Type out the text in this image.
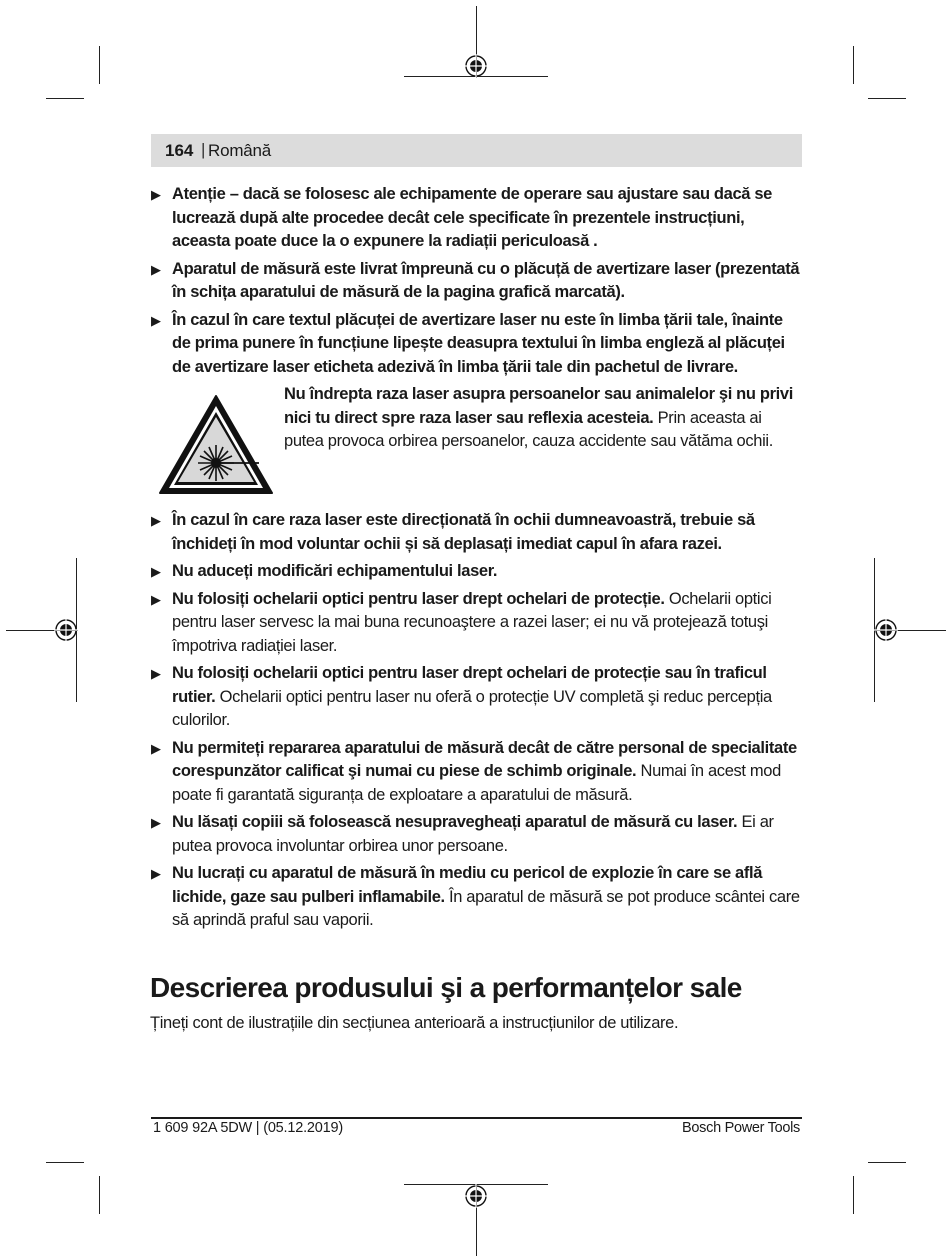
164 | Română
▶ Atenție – dacă se folosesc ale echipamente de operare sau ajustare sau dacă se lucrează după alte procedee decât cele specificate în prezentele instrucțiuni, aceasta poate duce la o expunere la radiații periculoasă .
▶ Aparatul de măsură este livrat împreună cu o plăcuță de avertizare laser (prezentată în schița aparatului de măsură de la pagina grafică marcată).
▶ În cazul în care textul plăcuței de avertizare laser nu este în limba țării tale, înainte de prima punere în funcțiune lipește deasupra textului în limba engleză al plăcuței de avertizare laser eticheta adezivă în limba țării tale din pachetul de livrare.
Nu îndrepta raza laser asupra persoanelor sau animalelor şi nu privi nici tu direct spre raza laser sau reflexia acesteia. Prin aceasta ai putea provoca orbirea persoanelor, cauza accidente sau vătăma ochii.
▶ În cazul în care raza laser este direcționată în ochii dumneavoastră, trebuie să închideți în mod voluntar ochii și să deplasați imediat capul în afara razei.
▶ Nu aduceți modificări echipamentului laser.
▶ Nu folosiți ochelarii optici pentru laser drept ochelari de protecție. Ochelarii optici pentru laser servesc la mai buna recunoaştere a razei laser; ei nu vă protejează totuşi împotriva radiației laser.
▶ Nu folosiți ochelarii optici pentru laser drept ochelari de protecție sau în traficul rutier. Ochelarii optici pentru laser nu oferă o protecție UV completă şi reduc percepția culorilor.
▶ Nu permiteți repararea aparatului de măsură decât de către personal de specialitate corespunzător calificat şi numai cu piese de schimb originale. Numai în acest mod poate fi garantată siguranța de exploatare a aparatului de măsură.
▶ Nu lăsați copiii să folosească nesupravegheați aparatul de măsură cu laser. Ei ar putea provoca involuntar orbirea unor persoane.
▶ Nu lucrați cu aparatul de măsură în mediu cu pericol de explozie în care se află lichide, gaze sau pulberi inflamabile. În aparatul de măsură se pot produce scântei care să aprindă praful sau vaporii.
Descrierea produsului şi a performanțelor sale
Țineți cont de ilustrațiile din secțiunea anterioară a instrucțiunilor de utilizare.
1 609 92A 5DW | (05.12.2019)	Bosch Power Tools
